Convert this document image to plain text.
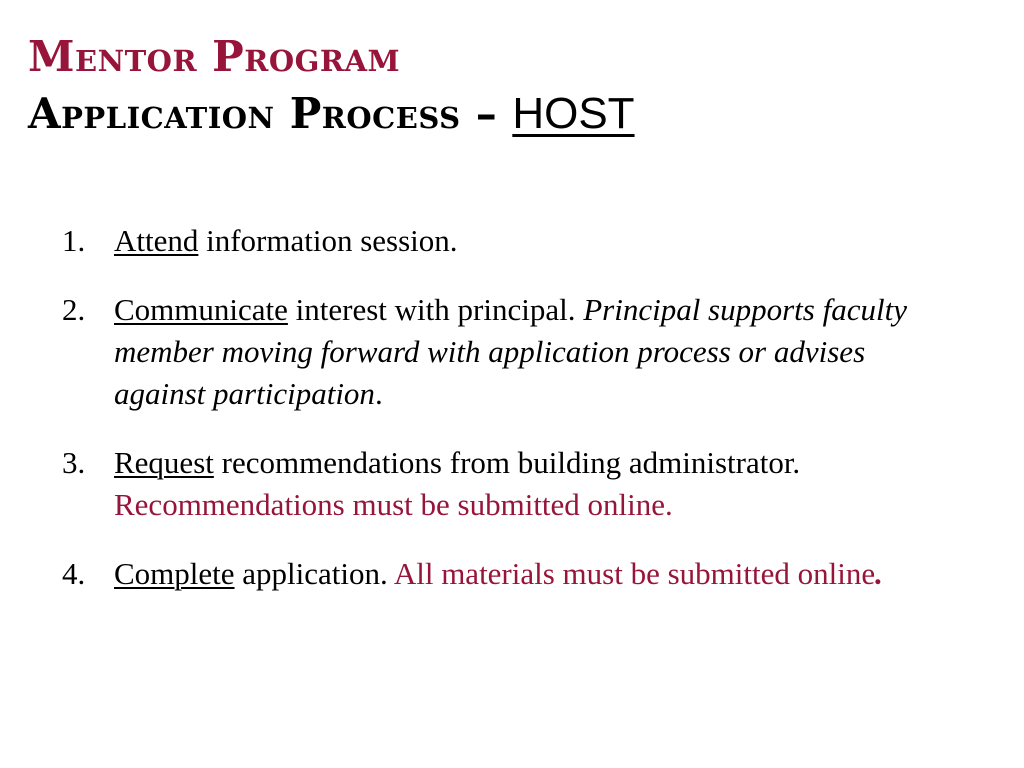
Mentor Program
Application Process – HOST
1. Attend information session.
2. Communicate interest with principal. Principal supports faculty member moving forward with application process or advises against participation.
3. Request recommendations from building administrator.
Recommendations must be submitted online.
4. Complete application. All materials must be submitted online.
